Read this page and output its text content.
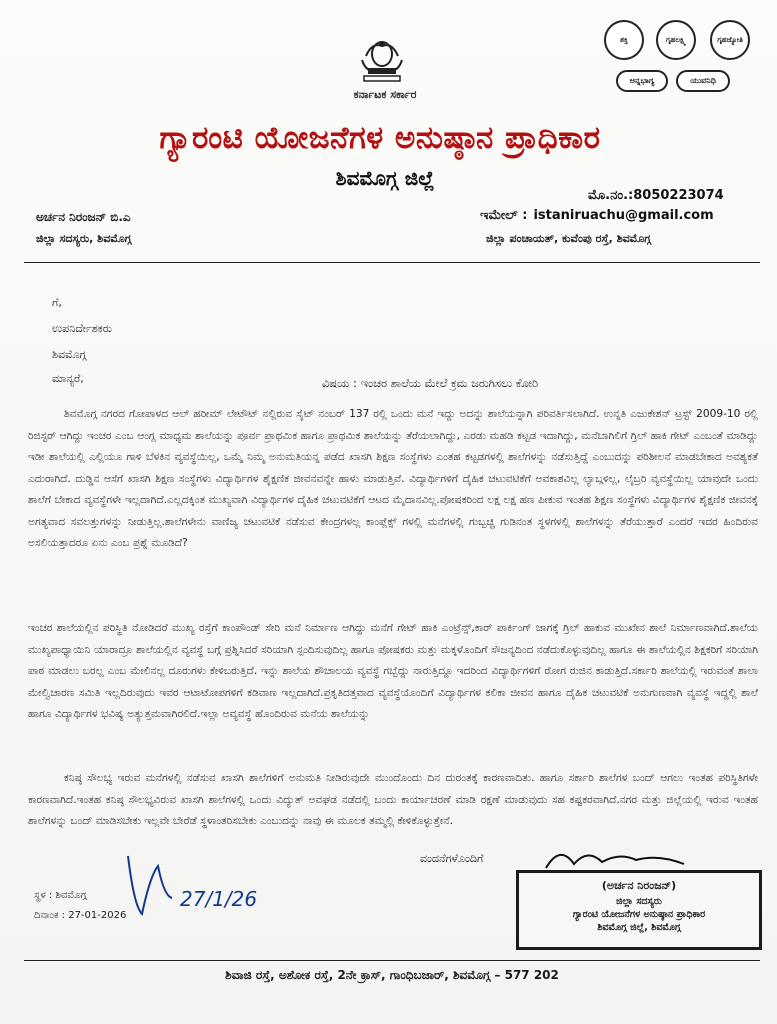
ಕರ್ನಾಟಕ ಸರ್ಕಾರ
ಶಕ್ತಿ	ಗೃಹಲಕ್ಷ್ಮಿ	ಗೃಹಜ್ಯೋತಿ
ಅನ್ನಭಾಗ್ಯ	ಯುವನಿಧಿ
ಗ್ಯಾರಂಟಿ ಯೋಜನೆಗಳ ಅನುಷ್ಠಾನ ಪ್ರಾಧಿಕಾರ
ಶಿವಮೊಗ್ಗ ಜಿಲ್ಲೆ
ಮೊ.ನಂ.:8050223074
ಅರ್ಚನ ನಿರಂಜನ್ ಬಿ.ಎ
ಜಿಲ್ಲಾ ಸದಸ್ಯರು, ಶಿವಮೊಗ್ಗ
ಇಮೇಲ್ : istaniruachu@gmail.com
ಜಿಲ್ಲಾ ಪಂಚಾಯತ್, ಕುವೆಂಪು ರಸ್ತೆ, ಶಿವಮೊಗ್ಗ
ಗೆ,
ಉಪನಿರ್ದೇಶಕರು
ಶಿವಮೊಗ್ಗ
ಮಾನ್ಯರೆ,	ವಿಷಯ : ಇಂಚರ ಶಾಲೆಯ ಮೇಲೆ ಕ್ರಮ ಜರುಗಿಸಲು ಕೋರಿ
ಶಿವಮೊಗ್ಗ ನಗರದ ಗೋಪಾಳದ ಆಲ್ ಹರೀಮ್ ಲೇಟೌಟ್ ನಲ್ಲಿರುವ ಸೈಟ್ ನಂಬರ್ 137 ರಲ್ಲಿ ಒಂದು ಮನೆ ಇದ್ದು ಅದನ್ನು ಶಾಲೆಯನ್ನಾಗಿ ಪರಿವರ್ತಿಸಲಾಗಿದೆ. ಉನ್ನತಿ ಎಜುಕೇಶನ್ ಟ್ರಸ್ಟ್ 2009-10 ರಲ್ಲಿ ರಿಜಿಸ್ಟರ್ ಆಗಿದ್ದು ಇಂಚರ ಎಂಬ ಆಂಗ್ಲ ಮಾಧ್ಯಮ ಶಾಲೆಯನ್ನು ಪೂರ್ವ ಪ್ರಾಥಮಿಕ ಹಾಗೂ ಪ್ರಾಥಮಿಕ ಶಾಲೆಯನ್ನು ತೆರೆಯಲಾಗಿದ್ದು, ಎರಡು ಮಹಡಿ ಕಟ್ಟಡ ಇದಾಗಿದ್ದು, ಮನೆಬಾಗಿಲಿಗೆ ಗ್ರಿಲ್ ಹಾಕಿ ಗೇಟ್ ಎಂಬಂತೆ ಮಾಡಿದ್ದು ಇಡೀ ಶಾಲೆಯಲ್ಲಿ ಎಲ್ಲಿಯೂ ಗಾಳಿ ಬೆಳಕಿನ ವ್ಯವಸ್ಥೆಯಿಲ್ಲ, ಒಮ್ಮೆ ನಿಮ್ಮ ಅನುಮತಿಯನ್ನ ಪಡೆದ ಖಾಸಗಿ ಶಿಕ್ಷಣ ಸಂಸ್ಥೆಗಳು ಎಂತಹ ಕಟ್ಟಡಗಳಲ್ಲಿ ಶಾಲೆಗಳನ್ನು ನಡೆಸುತ್ತಿದ್ದೆ ಎಂಬುದನ್ನು ಪರಿಶೀಲನೆ ಮಾಡಬೇಕಾದ ಅವಶ್ಯಕತೆ ಎದುರಾಗಿದೆ. ದುಡ್ಡಿನ ಆಸೆಗೆ ಖಾಸಗಿ ಶಿಕ್ಷಣ ಸಂಸ್ಥೆಗಳು ವಿದ್ಯಾರ್ಥಿಗಳ ಶೈಕ್ಷಣಿಕ ಜೀವನವನ್ನೇ ಹಾಳು ಮಾಡುತ್ತಿವೆ. ವಿದ್ಯಾರ್ಥಿಗಳಿಗೆ ದೈಹಿಕ ಚಟುವಟಿಕೆಗೆ ಅವಕಾಶವಿಲ್ಲ ಲ್ಯಾಬ್ಗಳಿಲ್ಲ, ಲೈಬ್ರರಿ ವ್ಯವಸ್ಥೆಯಿಲ್ಲ ಯಾವುದೇ ಒಂದು ಶಾಲೆಗೆ ಬೇಕಾದ ವ್ಯವಸ್ಥೆಗಳೇ ಇಲ್ಲದಾಗಿದೆ.ಎಲ್ಲದಕ್ಕಿಂತ ಮುಖ್ಯವಾಗಿ ವಿದ್ಯಾರ್ಥಿಗಳ ದೈಹಿಕ ಚಟುವಟಿಕೆಗೆ ಆಟದ ಮೈದಾನವಿಲ್ಲ.ಪೋಷಕರಿಂದ ಲಕ್ಷ ಲಕ್ಷ ಹಣ ಪೀಕುವ ಇಂತಹ ಶಿಕ್ಷಣ ಸಂಸ್ಥೆಗಳು ವಿದ್ಯಾರ್ಥಿಗಳ ಶೈಕ್ಷಣಿಕ ಜೀವನಕ್ಕೆ ಅಗತ್ಯವಾದ ಸವಲತ್ತುಗಳನ್ನು ನೀಡುತ್ತಿಲ್ಲ.ಶಾಲೆಗಳೇನು ವಾಣಿಜ್ಯ ಚಟುವಟಿಕೆ ನಡೆಸುವ ಕೇಂದ್ರಗಳಲ್ಲ ಕಾಂಪ್ಲೆಕ್ಸ್ ಗಳಲ್ಲಿ ಮನೆಗಳಲ್ಲಿ ಗುಬ್ಬಚ್ಚಿ ಗುಡಿನಂತ ಸ್ಥಳಗಳಲ್ಲಿ ಶಾಲೆಗಳನ್ನು ತೆರೆಯುತ್ತಾರೆ ಎಂದರೆ ಇದರ ಹಿಂದಿರುವ ಅಸಲಿಯತ್ತಾದರೂ ಏನು ಎಂಬ ಪ್ರಶ್ನೆ ಮೂಡಿದೆ?
ಇಂಚರ ಶಾಲೆಯಲ್ಲಿನ ಪರಿಸ್ಥಿತಿ ನೋಡಿದರೆ ಮುಖ್ಯ ರಸ್ತೆಗೆ ಕಾಂಪೌಂಡ್ ಸೇರಿ ಮನೆ ನಿರ್ಮಾಣ ಆಗಿದ್ದು ಮನೆಗೆ ಗೇಟ್ ಹಾಕಿ ಎಂಟ್ರೆನ್ಸ್,ಕಾರ್ ಪಾರ್ಕಿಂಗ್ ಜಾಗಕ್ಕೆ ಗ್ರಿಲ್ ಹಾಕುವ ಮುಖೇನ ಶಾಲೆ ನಿರ್ಮಾಣವಾಗಿದೆ.ಶಾಲೆಯ ಮುಖ್ಯಪಾಧ್ಯಾಯಿನಿ ಯಾರಾದ್ರೂ ಶಾಲೆಯಲ್ಲಿನ ವ್ಯವಸ್ಥೆ ಬಗ್ಗೆ ಪ್ರಶ್ನಿಸಿದರೆ ಸರಿಯಾಗಿ ಸ್ಪಂದಿಸುವುದಿಲ್ಲ ಹಾಗೂ ಪೋಷಕರು ಮತ್ತು ಮಕ್ಕಳೊಂದಿಗೆ ಸೌಜನ್ಯದಿಂದ ನಡೆದುಕೊಳ್ಳುವುದಿಲ್ಲ ಹಾಗೂ ಈ ಶಾಲೆಯಲ್ಲಿನ ಶಿಕ್ಷಕರಿಗೆ ಸರಿಯಾಗಿ ಪಾಠ ಮಾಡಲು ಬರಲ್ಲ ಎಂಬ ಮೇಲಿನಲ್ಲ ದೂರುಗಳು ಕೇಳಿಬರುತ್ತಿದೆ. ಇನ್ನು ಶಾಲೆಯ ಶೌಚಾಲಯ ವ್ಯವಸ್ಥೆ ಗಬ್ಬೆದ್ದು ನಾರುತ್ತಿದ್ದೂ ಇದರಿಂದ ವಿದ್ಯಾರ್ಥಿಗಳಿಗೆ ರೋಗ ರುಜಿನ ಕಾಡುತ್ತಿದೆ.ಸರ್ಕಾರಿ ಶಾಲೆಯಲ್ಲಿ ಇರುವಂತೆ ಶಾಲಾ ಮೇಲ್ವಿಚಾರಣ ಸಮಿತಿ ಇಲ್ಲದಿರುವುದು ಇವರ ಆಟಾಟೋಪಗಳಿಗೆ ಕಡಿವಾಣ ಇಲ್ಲದಾಗಿದೆ.ಪ್ರಕೃತಿದತ್ತವಾದ ವ್ಯವಸ್ಥೆಯೊಂದಿಗೆ ವಿದ್ಯಾರ್ಥಿಗಳ ಕಲಿಕಾ ಜೀವನ ಹಾಗೂ ದೈಹಿಕ ಚಟುವಟಿಕೆ ಅನುಗುಣವಾಗಿ ವ್ಯವಸ್ಥೆ ಇದ್ದಲ್ಲಿ ಶಾಲೆ ಹಾಗೂ ವಿದ್ಯಾರ್ಥಿಗಳ ಭವಿಷ್ಯ ಅತ್ಯುತ್ತಮವಾಗಿರಲಿದೆ.ಇಲ್ಲಾ ಅವ್ಯವಸ್ಥೆ ಹೊಂದಿರುವ ಮನೆಯ ಶಾಲೆಯನ್ನು
ಕನಿಷ್ಠ ಸೌಲಭ್ಯ ಇರುವ ಮನೆಗಳಲ್ಲಿ ನಡೆಸುವ ಖಾಸಗಿ ಶಾಲೆಗಳಿಗೆ ಅನುಮತಿ ನೀಡಿರುವುದೇ ಮುಂದೊಂದು ದಿನ ದುರಂತಕ್ಕೆ ಕಾರಣವಾದಿತು. ಹಾಗೂ ಸರ್ಕಾರಿ ಶಾಲೆಗಳ ಬಂದ್ ಆಗಲು ಇಂತಹ ಪರಿಸ್ಥಿತಿಗಳೇ ಕಾರಣವಾಗಿದೆ.ಇಂತಹ ಕನಿಷ್ಠ ಸೌಲಭ್ಯವಿರುವ ಖಾಸಗಿ ಶಾಲೆಗಳಲ್ಲಿ ಒಂದು ವಿದ್ಯುತ್ ಅವಘಡ ನಡೆದಲ್ಲಿ ಬಂದು ಕಾರ್ಯಾಚರಣೆ ಮಾಡಿ ರಕ್ಷಣೆ ಮಾಡುವುದು ಸಹ ಕಷ್ಟಕರವಾಗಿದೆ.ನಗರ ಮತ್ತು ಜಿಲ್ಲೆಯಲ್ಲಿ ಇರುವ ಇಂತಹ ಶಾಲೆಗಳನ್ನು ಬಂದ್ ಮಾಡಿಸಬೇಕು ಇಲ್ಲವೇ ಬೇರೆಡೆ ಸ್ಥಳಾಂತರಿಸಬೇಕು ಎಂಬುದನ್ನು ನಾವು ಈ ಮೂಲಕ ತಮ್ಮಲ್ಲಿ ಕೇಳಿಕೊಳ್ಳುತ್ತೇನೆ.
ವಂದನೆಗಳೊಂದಿಗೆ
27/1/26
ಸ್ಥಳ : ಶಿವಮೊಗ್ಗ
ದಿನಾಂಕ : 27-01-2026
(ಅರ್ಚನ ನಿರಂಜನ್)
ಜಿಲ್ಲಾ ಸದಸ್ಯರು
ಗ್ಯಾರಂಟಿ ಯೋಜನೆಗಳ ಅನುಷ್ಠಾನ ಪ್ರಾಧಿಕಾರ
ಶಿವಮೊಗ್ಗ ಜಿಲ್ಲೆ, ಶಿವಮೊಗ್ಗ
ಶಿವಾಜಿ ರಸ್ತೆ, ಅಶೋಕ ರಸ್ತೆ, 2ನೇ ಕ್ರಾಸ್, ಗಾಂಧಿಬಜಾರ್, ಶಿವಮೊಗ್ಗ – 577 202
